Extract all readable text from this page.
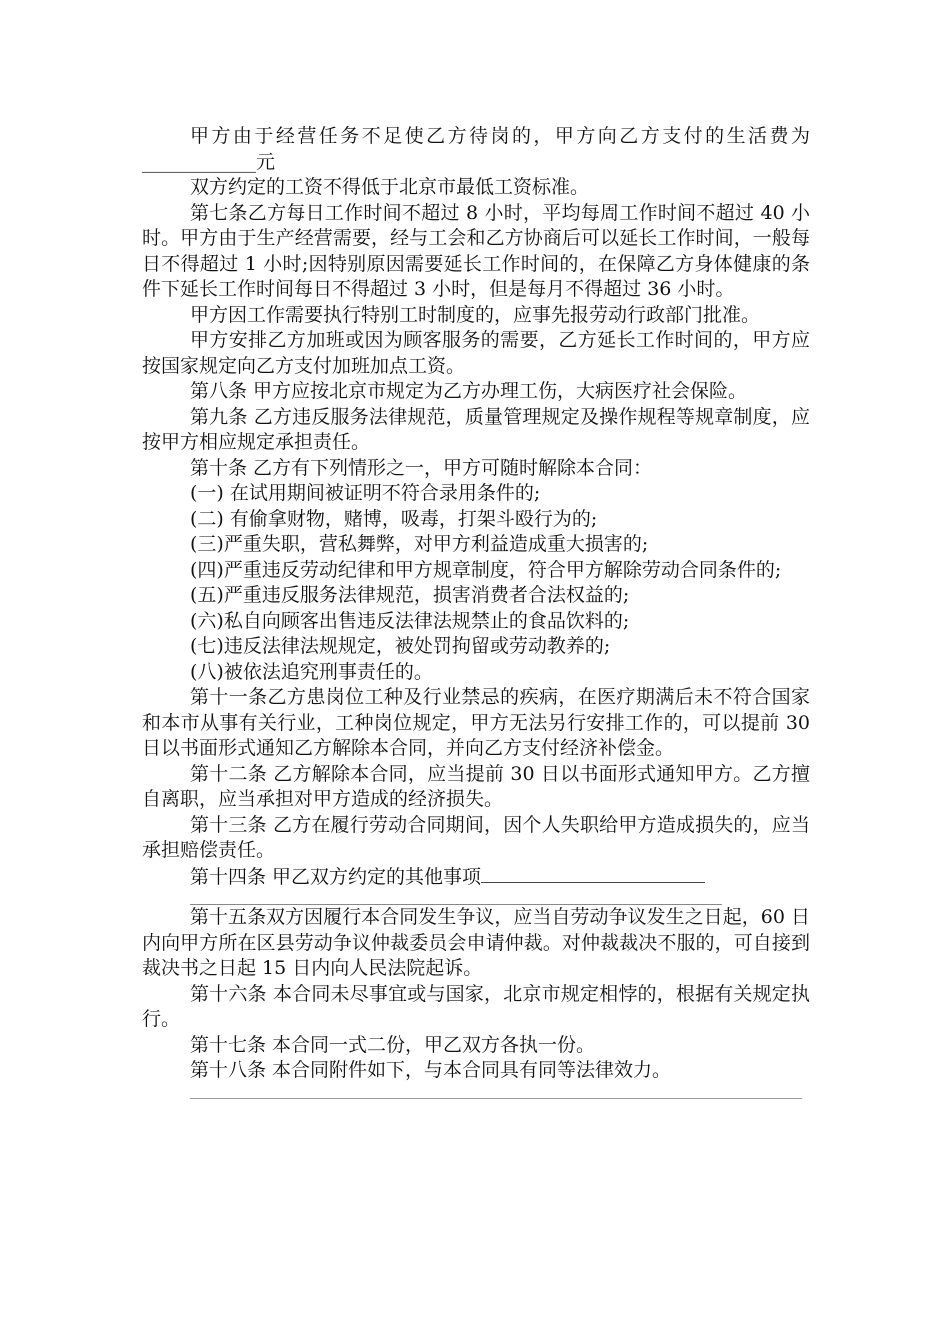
甲方由于经营任务不足使乙方待岗的，甲方向乙方支付的生活费为 ____________元

双方约定的工资不得低于北京市最低工资标准。

第七条乙方每日工作时间不超过 8 小时，平均每周工作时间不超过 40 小时。甲方由于生产经营需要，经与工会和乙方协商后可以延长工作时间，一般每日不得超过 1 小时;因特别原因需要延长工作时间的，在保障乙方身体健康的条件下延长工作时间每日不得超过 3 小时，但是每月不得超过 36 小时。

甲方因工作需要执行特别工时制度的，应事先报劳动行政部门批准。

甲方安排乙方加班或因为顾客服务的需要，乙方延长工作时间的，甲方应按国家规定向乙方支付加班加点工资。

第八条 甲方应按北京市规定为乙方办理工伤，大病医疗社会保险。

第九条 乙方违反服务法律规范，质量管理规定及操作规程等规章制度，应按甲方相应规定承担责任。

第十条 乙方有下列情形之一，甲方可随时解除本合同：

(一) 在试用期间被证明不符合录用条件的;

(二) 有偷拿财物，赌博，吸毒，打架斗殴行为的;

(三)严重失职，营私舞弊，对甲方利益造成重大损害的;

(四)严重违反劳动纪律和甲方规章制度，符合甲方解除劳动合同条件的;

(五)严重违反服务法律规范，损害消费者合法权益的;

(六)私自向顾客出售违反法律法规禁止的食品饮料的;

(七)违反法律法规规定，被处罚拘留或劳动教养的;

(八)被依法追究刑事责任的。

第十一条乙方患岗位工种及行业禁忌的疾病，在医疗期满后未不符合国家和本市从事有关行业，工种岗位规定，甲方无法另行安排工作的，可以提前 30 日以书面形式通知乙方解除本合同，并向乙方支付经济补偿金。

第十二条 乙方解除本合同，应当提前 30 日以书面形式通知甲方。乙方擅自离职，应当承担对甲方造成的经济损失。

第十三条 乙方在履行劳动合同期间，因个人失职给甲方造成损失的，应当承担赔偿责任。

第十四条 甲乙双方约定的其他事项

第十五条双方因履行本合同发生争议，应当自劳动争议发生之日起，60 日内向甲方所在区县劳动争议仲裁委员会申请仲裁。对仲裁裁决不服的，可自接到裁决书之日起 15 日内向人民法院起诉。

第十六条 本合同未尽事宜或与国家，北京市规定相悖的，根据有关规定执行。

第十七条 本合同一式二份，甲乙双方各执一份。

第十八条 本合同附件如下，与本合同具有同等法律效力。
